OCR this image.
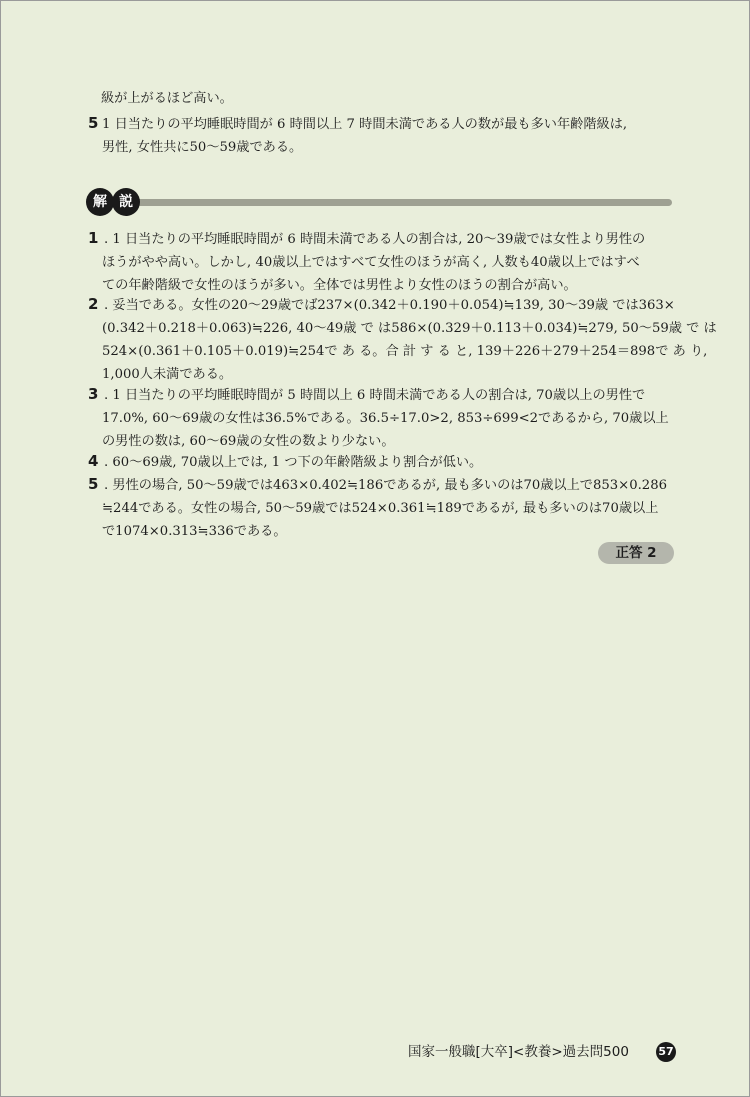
級が上がるほど高い。
5 1 日当たりの平均睡眠時間が 6 時間以上 7 時間未満である人の数が最も多い年齢階級は,
男性, 女性共に50～59歳である。
解 説
1 . 1 日当たりの平均睡眠時間が 6 時間未満である人の割合は, 20～39歳では女性より男性の
ほうがやや高い。しかし, 40歳以上ではすべて女性のほうが高く, 人数も40歳以上ではすべ
ての年齢階級で女性のほうが多い。全体では男性より女性のほうの割合が高い。
2 . 妥当である。女性の20～29歳でば237×(0.342＋0.190＋0.054)≒139, 30～39歳 では363×
(0.342＋0.218＋0.063)≒226, 40～49歳 で は586×(0.329＋0.113＋0.034)≒279, 50～59歳 で は
524×(0.361＋0.105＋0.019)≒254で あ る。合 計 す る と, 139＋226＋279＋254＝898で あ り,
1,000人未満である。
3 . 1 日当たりの平均睡眠時間が 5 時間以上 6 時間未満である人の割合は, 70歳以上の男性で
17.0%, 60～69歳の女性は36.5%である。36.5÷17.0>2, 853÷699<2であるから, 70歳以上
の男性の数は, 60～69歳の女性の数より少ない。
4 . 60～69歳, 70歳以上では, 1 つ下の年齢階級より割合が低い。
5 . 男性の場合, 50～59歳では463×0.402≒186であるが, 最も多いのは70歳以上で853×0.286
≒244である。女性の場合, 50～59歳では524×0.361≒189であるが, 最も多いのは70歳以上
で1074×0.313≒336である。
正答 2
国家一般職[大卒]<教養>過去問500	57
